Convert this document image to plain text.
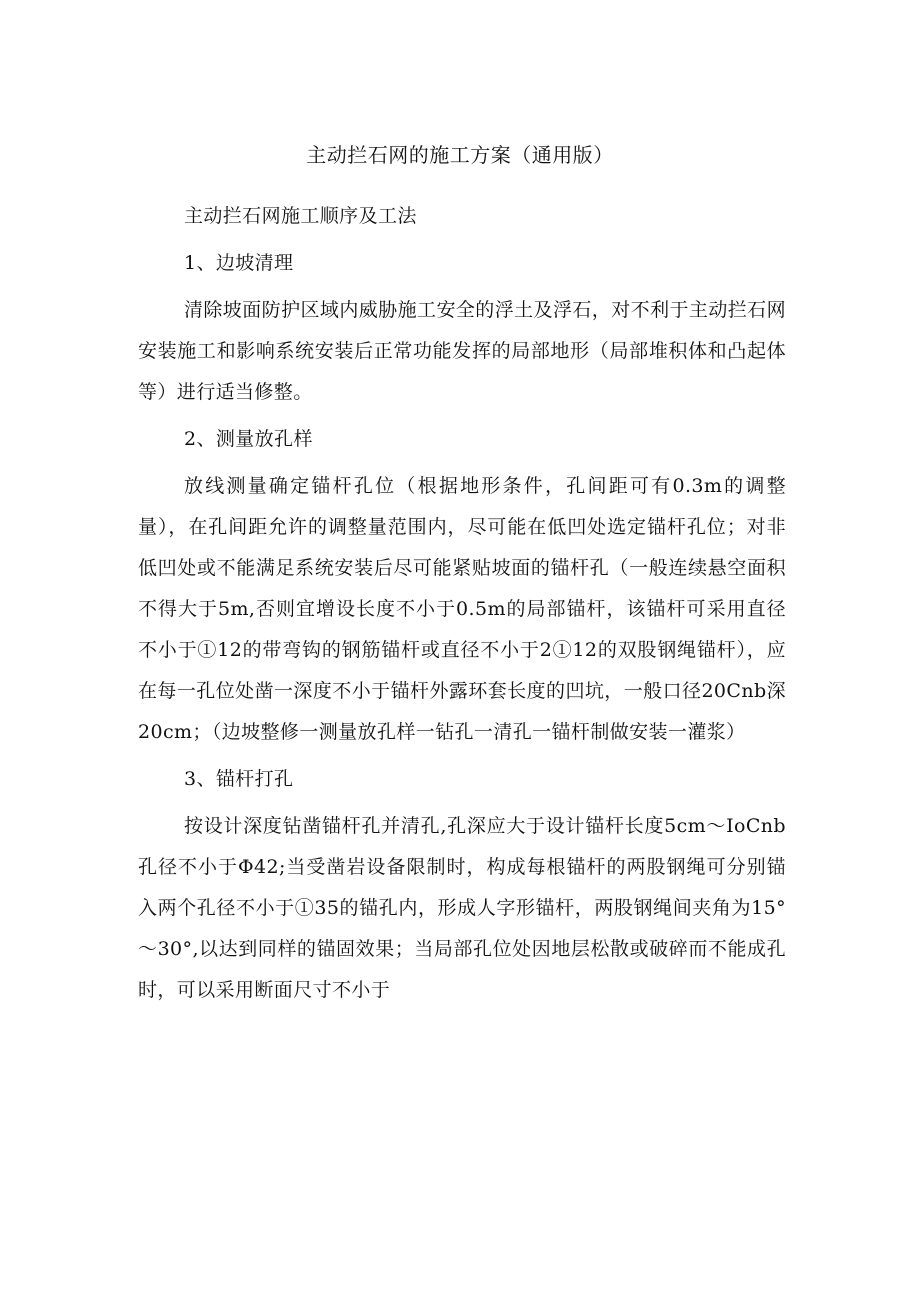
主动拦石网的施工方案（通用版）

主动拦石网施工顺序及工法

1、边坡清理

清除坡面防护区域内威胁施工安全的浮土及浮石，对不利于主动拦石网安装施工和影响系统安装后正常功能发挥的局部地形（局部堆积体和凸起体等）进行适当修整。

2、测量放孔样

放线测量确定锚杆孔位（根据地形条件，孔间距可有0.3m的调整量），在孔间距允许的调整量范围内，尽可能在低凹处选定锚杆孔位；对非低凹处或不能满足系统安装后尽可能紧贴坡面的锚杆孔（一般连续悬空面积不得大于5m,否则宜增设长度不小于0.5m的局部锚杆，该锚杆可采用直径不小于①12的带弯钩的钢筋锚杆或直径不小于2①12的双股钢绳锚杆），应在每一孔位处凿一深度不小于锚杆外露环套长度的凹坑，一般口径20Cnb深20cm；（边坡整修一测量放孔样一钻孔一清孔一锚杆制做安装一灌浆）

3、锚杆打孔

按设计深度钻凿锚杆孔并清孔,孔深应大于设计锚杆长度5cm～IoCnb孔径不小于Φ42;当受凿岩设备限制时，构成每根锚杆的两股钢绳可分别锚入两个孔径不小于①35的锚孔内，形成人字形锚杆，两股钢绳间夹角为15°～30°,以达到同样的锚固效果；当局部孔位处因地层松散或破碎而不能成孔时，可以采用断面尺寸不小于
